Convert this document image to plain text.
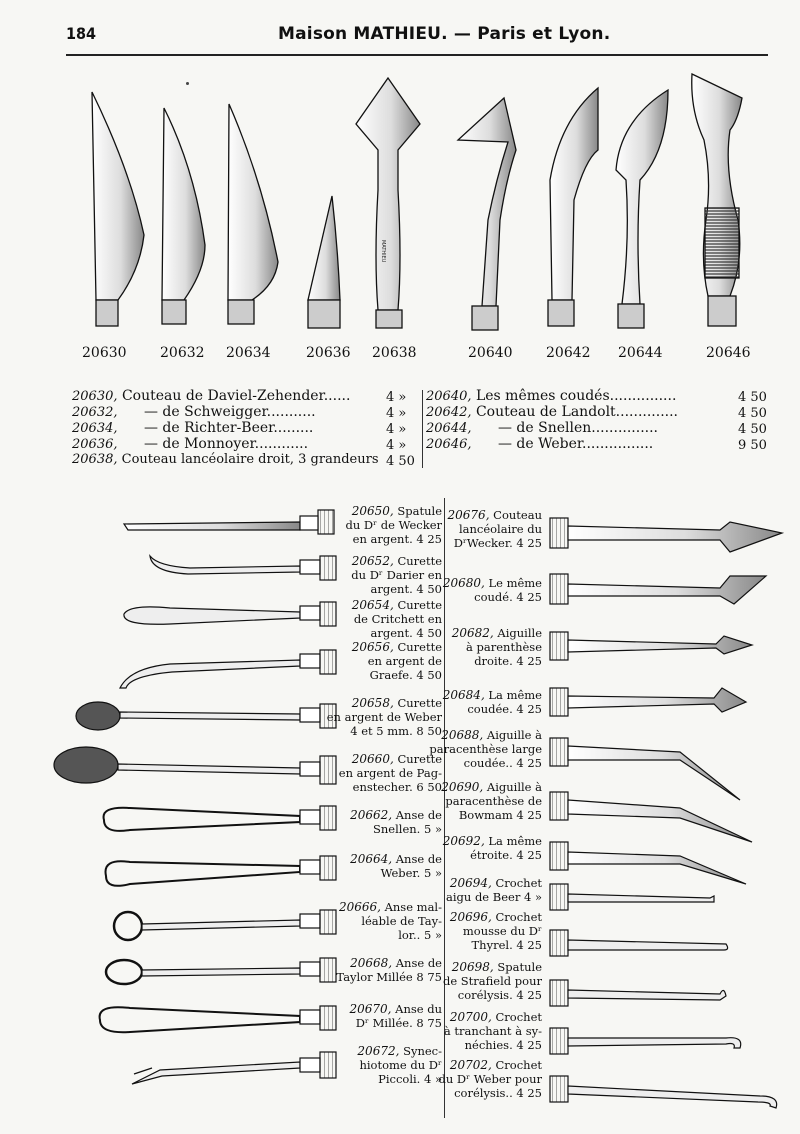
184	Maison MATHIEU. — Paris et Lyon.
MATHIEU
20630 20632 20634	20636 20638	20640 20642 20644	20646
20630, Couteau de Daviel-Zehender......	4 »
20632, — de Schweigger...........	4 »
20634, — de Richter-Beer.........	4 »
20636, — de Monnoyer............	4 »
20638, Couteau lancéolaire droit, 3 grandeurs 4 50
20640, Les mêmes coudés...............	4 50
20642, Couteau de Landolt..............	4 50
20644, — de Snellen...............	4 50
20646, — de Weber................	9 50
20650, Spatule
du Dʳ de Wecker
en argent. 4 25
20652, Curette
du Dʳ Darier en
argent. 4 50
20654, Curette
de Critchett en
argent. 4 50
20656, Curette
en argent de
Graefe. 4 50
20658, Curette
en argent de Weber
4 et 5 mm. 8 50
20660, Curette
en argent de Pag-
enstecher. 6 50
20662, Anse de
Snellen. 5 »
20664, Anse de
Weber. 5 »
20666, Anse mal-
léable de Tay-
lor.. 5 »
20668, Anse de
Taylor Millée 8 75
20670, Anse du
Dʳ Millée. 8 75
20672, Synec-
hiotome du Dʳ
Piccoli. 4 »
20676, Couteau
lancéolaire du
DʳWecker. 4 25
20680, Le même
coudé. 4 25
20682, Aiguille
à parenthèse
droite. 4 25
20684, La même
coudée. 4 25
20688, Aiguille à
paracenthèse large
coudée.. 4 25
20690, Aiguille à
paracenthèse de
Bowmam 4 25
20692, La même
étroite. 4 25
20694, Crochet
aigu de Beer 4 »
20696, Crochet
mousse du Dʳ
Thyrel. 4 25
20698, Spatule
de Strafield pour
corélysis. 4 25
20700, Crochet
à tranchant à sy-
néchies. 4 25
20702, Crochet
du Dʳ Weber pour
corélysis.. 4 25
